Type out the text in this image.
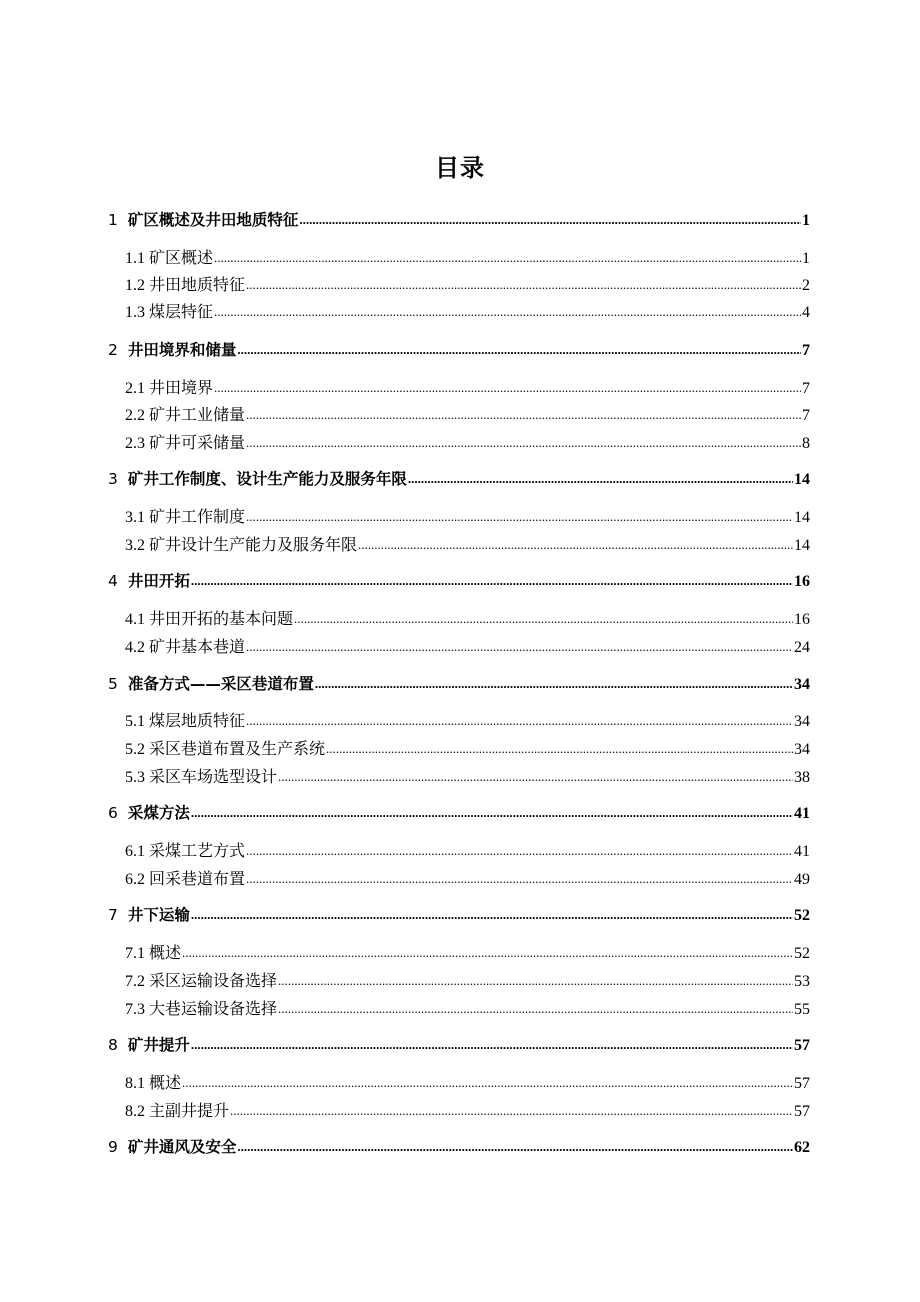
目录
1 矿区概述及井田地质特征 .....	1
1.1 矿区概述 .....	1
1.2 井田地质特征 .....	2
1.3 煤层特征 .....	4
2 井田境界和储量 .....	7
2.1 井田境界 .....	7
2.2 矿井工业储量 .....	7
2.3 矿井可采储量 .....	8
3 矿井工作制度、设计生产能力及服务年限 .....	14
3.1 矿井工作制度 .....	14
3.2 矿井设计生产能力及服务年限 .....	14
4 井田开拓 .....	16
4.1 井田开拓的基本问题 .....	16
4.2 矿井基本巷道 .....	24
5 准备方式——采区巷道布置 .....	34
5.1 煤层地质特征 .....	34
5.2 采区巷道布置及生产系统 .....	34
5.3 采区车场选型设计 .....	38
6 采煤方法 .....	41
6.1 采煤工艺方式 .....	41
6.2 回采巷道布置 .....	49
7 井下运输 .....	52
7.1 概述 .....	52
7.2 采区运输设备选择 .....	53
7.3 大巷运输设备选择 .....	55
8 矿井提升 .....	57
8.1 概述 .....	57
8.2 主副井提升 .....	57
9 矿井通风及安全 .....	62
